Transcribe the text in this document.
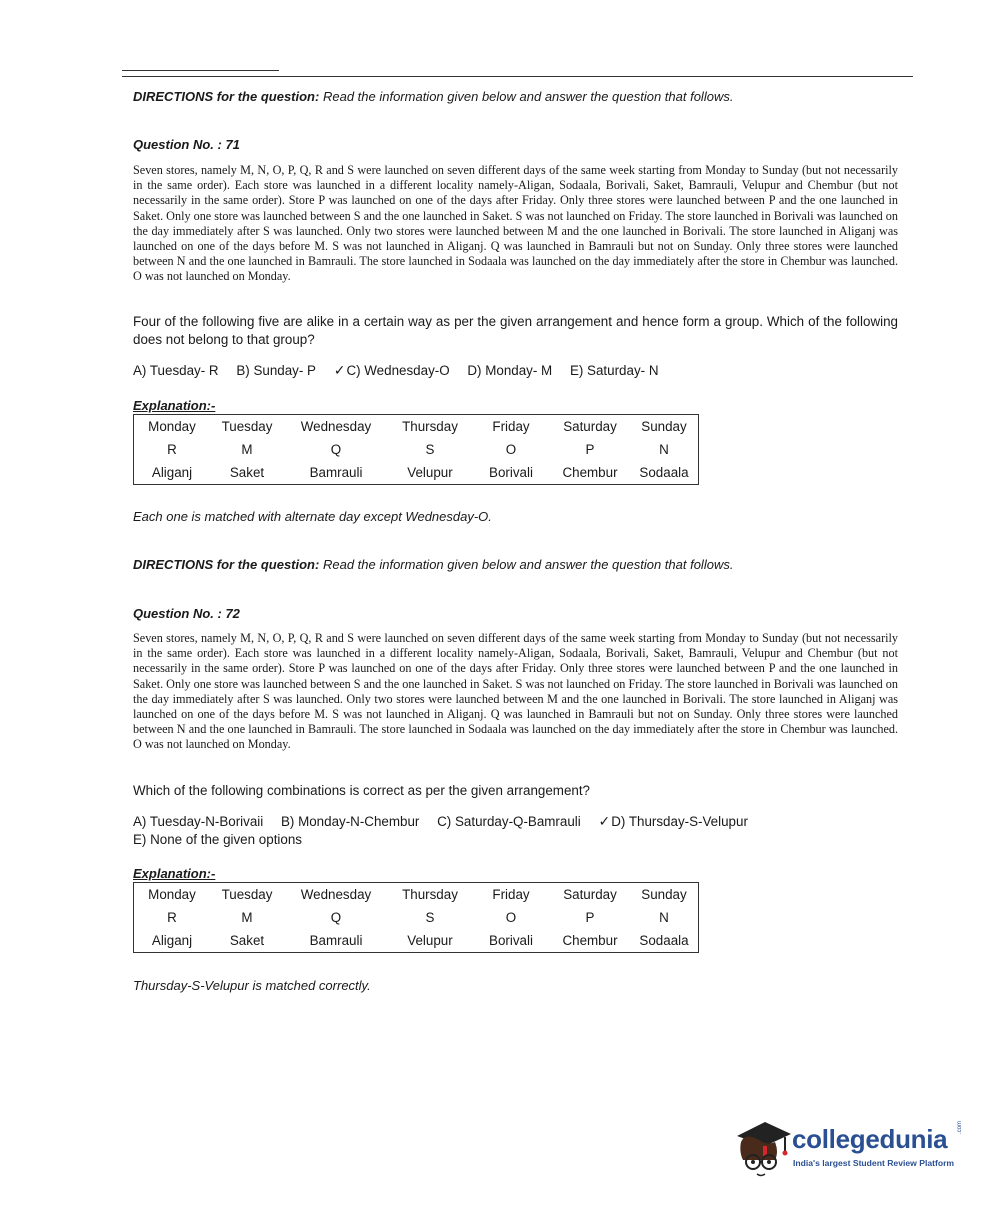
DIRECTIONS for the question: Read the information given below and answer the question that follows.
Question No. : 71
Seven stores, namely M, N, O, P, Q, R and S were launched on seven different days of the same week starting from Monday to Sunday (but not necessarily in the same order). Each store was launched in a different locality namely-Aligan, Sodaala, Borivali, Saket, Bamrauli, Velupur and Chembur (but not necessarily in the same order). Store P was launched on one of the days after Friday. Only three stores were launched between P and the one launched in Saket. Only one store was launched between S and the one launched in Saket. S was not launched on Friday. The store launched in Borivali was launched on the day immediately after S was launched. Only two stores were launched between M and the one launched in Borivali. The store launched in Aliganj was launched on one of the days before M. S was not launched in Aliganj. Q was launched in Bamrauli but not on Sunday. Only three stores were launched between N and the one launched in Bamrauli. The store launched in Sodaala was launched on the day immediately after the store in Chembur was launched. O was not launched on Monday.
Four of the following five are alike in a certain way as per the given arrangement and hence form a group. Which of the following does not belong to that group?
A) Tuesday- R B) Sunday- P ✓C) Wednesday-O D) Monday- M E) Saturday- N
Explanation:-
Monday	Tuesday	Wednesday	Thursday	Friday	Saturday	Sunday
R	M	Q	S	O	P	N
Aliganj	Saket	Bamrauli	Velupur	Borivali	Chembur	Sodaala
Each one is matched with alternate day except Wednesday-O.
DIRECTIONS for the question: Read the information given below and answer the question that follows.
Question No. : 72
Seven stores, namely M, N, O, P, Q, R and S were launched on seven different days of the same week starting from Monday to Sunday (but not necessarily in the same order). Each store was launched in a different locality namely-Aligan, Sodaala, Borivali, Saket, Bamrauli, Velupur and Chembur (but not necessarily in the same order). Store P was launched on one of the days after Friday. Only three stores were launched between P and the one launched in Saket. Only one store was launched between S and the one launched in Saket. S was not launched on Friday. The store launched in Borivali was launched on the day immediately after S was launched. Only two stores were launched between M and the one launched in Borivali. The store launched in Aliganj was launched on one of the days before M. S was not launched in Aliganj. Q was launched in Bamrauli but not on Sunday. Only three stores were launched between N and the one launched in Bamrauli. The store launched in Sodaala was launched on the day immediately after the store in Chembur was launched. O was not launched on Monday.
Which of the following combinations is correct as per the given arrangement?
A) Tuesday-N-Borivaii B) Monday-N-Chembur C) Saturday-Q-Bamrauli ✓D) Thursday-S-Velupur
E) None of the given options
Explanation:-
Monday	Tuesday	Wednesday	Thursday	Friday	Saturday	Sunday
R	M	Q	S	O	P	N
Aliganj	Saket	Bamrauli	Velupur	Borivali	Chembur	Sodaala
Thursday-S-Velupur is matched correctly.
collegedunia .com
India's largest Student Review Platform
